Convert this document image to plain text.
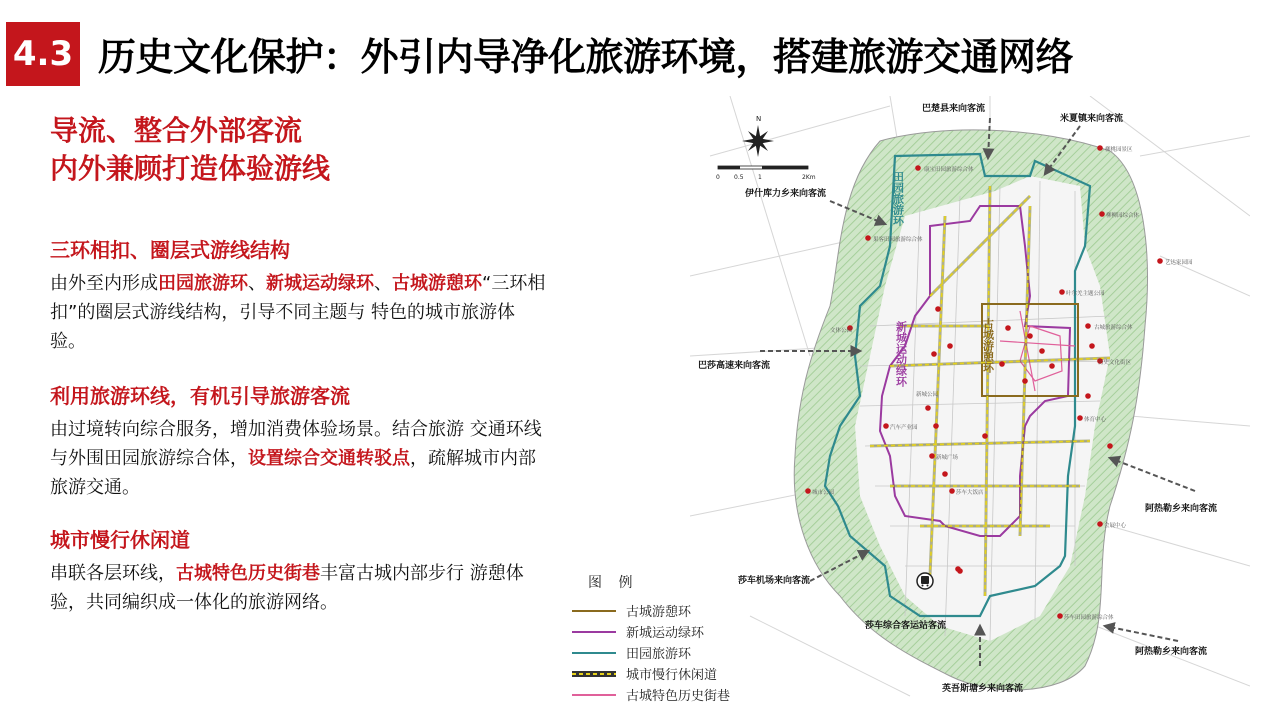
4.3 历史文化保护：外引内导净化旅游环境，搭建旅游交通网络
导流、整合外部客流
内外兼顾打造体验游线
三环相扣、圈层式游线结构
由外至内形成田园旅游环、新城运动绿环、古城游憩环“三环相扣”的圈层式游线结构，引导不同主题与 特色的城市旅游体验。
利用旅游环线，有机引导旅游客流
由过境转向综合服务，增加消费体验场景。结合旅游 交通环线与外围田园旅游综合体，设置综合交通转驳点，疏解城市内部旅游交通。
城市慢行休闲道
串联各层环线，古城特色历史街巷丰富古城内部步行 游憩体验，共同编织成一体化的旅游网络。
康宝田园旅游综合体
柳桃园景区
柳柳园综合体
果客田园旅游综合体
艺达家园园
文体公园
叶尔羌主题公园
新城公园
古城旅游综合体
汽车产业园
新城广场
莎车大饭店
体育中心
会展中心
历史文化街区
莎车田园旅游综合体
城市公园
田园旅游环
新城运动绿环	古城游憩环
N
0 0.5 1	2Km
巴楚县来向客流
米夏镇来向客流
伊什库力乡来向客流
巴莎高速来向客流
阿热勒乡来向客流
莎车机场来向客流
莎车综合客运站客流
阿热勒乡来向客流
英吾斯塘乡来向客流
图 例
古城游憩环
新城运动绿环
田园旅游环
城市慢行休闲道
古城特色历史街巷
